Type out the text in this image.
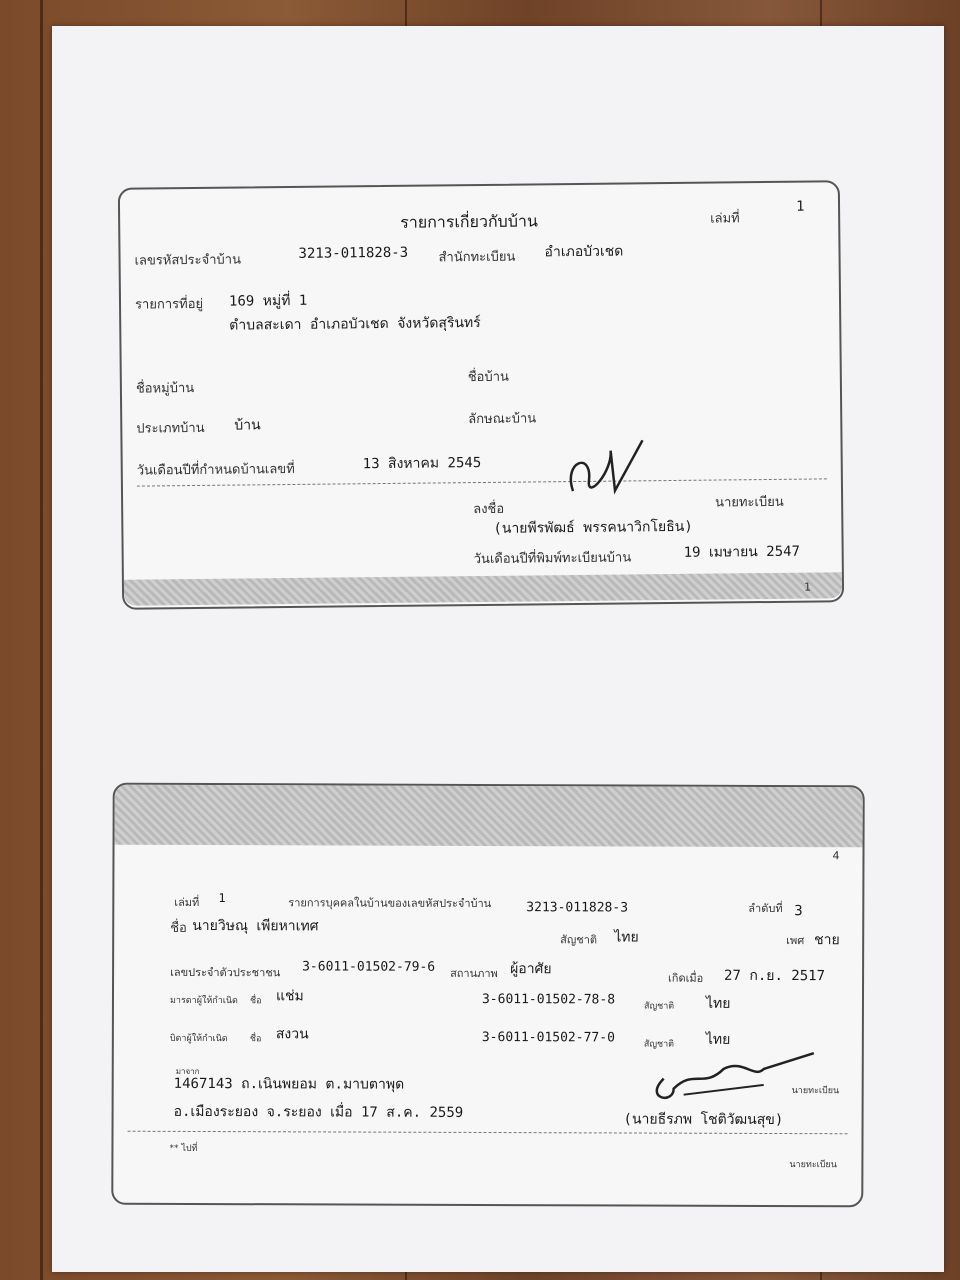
รายการเกี่ยวกับบ้าน	เล่มที่
1
เลขรหัสประจำบ้าน	3213-011828-3 สำนักทะเบียน อำเภอบัวเชด
รายการที่อยู่ 169 หมู่ที่ 1
ตำบลสะเดา อำเภอบัวเชด จังหวัดสุรินทร์
ชื่อหมู่บ้าน
ชื่อบ้าน
ประเภทบ้าน บ้าน	ลักษณะบ้าน
วันเดือนปีที่กำหนดบ้านเลขที่	13 สิงหาคม 2545
ลงชื่อ	นายทะเบียน
(นายพีรพัฒธ์ พรรคนาวิกโยธิน)
วันเดือนปีที่พิมพ์ทะเบียนบ้าน	19 เมษายน 2547
1
4
เล่มที่ 1	รายการบุคคลในบ้านของเลขหัสประจำบ้าน	3213-011828-3	ลำดับที่ 3
ชื่อ นายวิษณุ เพียหาเทศ
สัญชาติ ไทย	เพศ ชาย
เลขประจำตัวประชาชน 3-6011-01502-79-6 สถานภาพ ผู้อาศัย
เกิดเมื่อ 27 ก.ย. 2517
มารดาผู้ให้กำเนิด ชื่อ แช่ม	3-6011-01502-78-8	สัญชาติ ไทย
บิดาผู้ให้กำเนิด ชื่อ สงวน	3-6011-01502-77-0	สัญชาติ ไทย
มาจาก
1467143 ถ.เนินพยอม ต.มาบตาพุด
อ.เมืองระยอง จ.ระยอง เมื่อ 17 ส.ค. 2559
นายทะเบียน
(นายธีรภพ โชติวัฒนสุข)
** ไปที่
นายทะเบียน
